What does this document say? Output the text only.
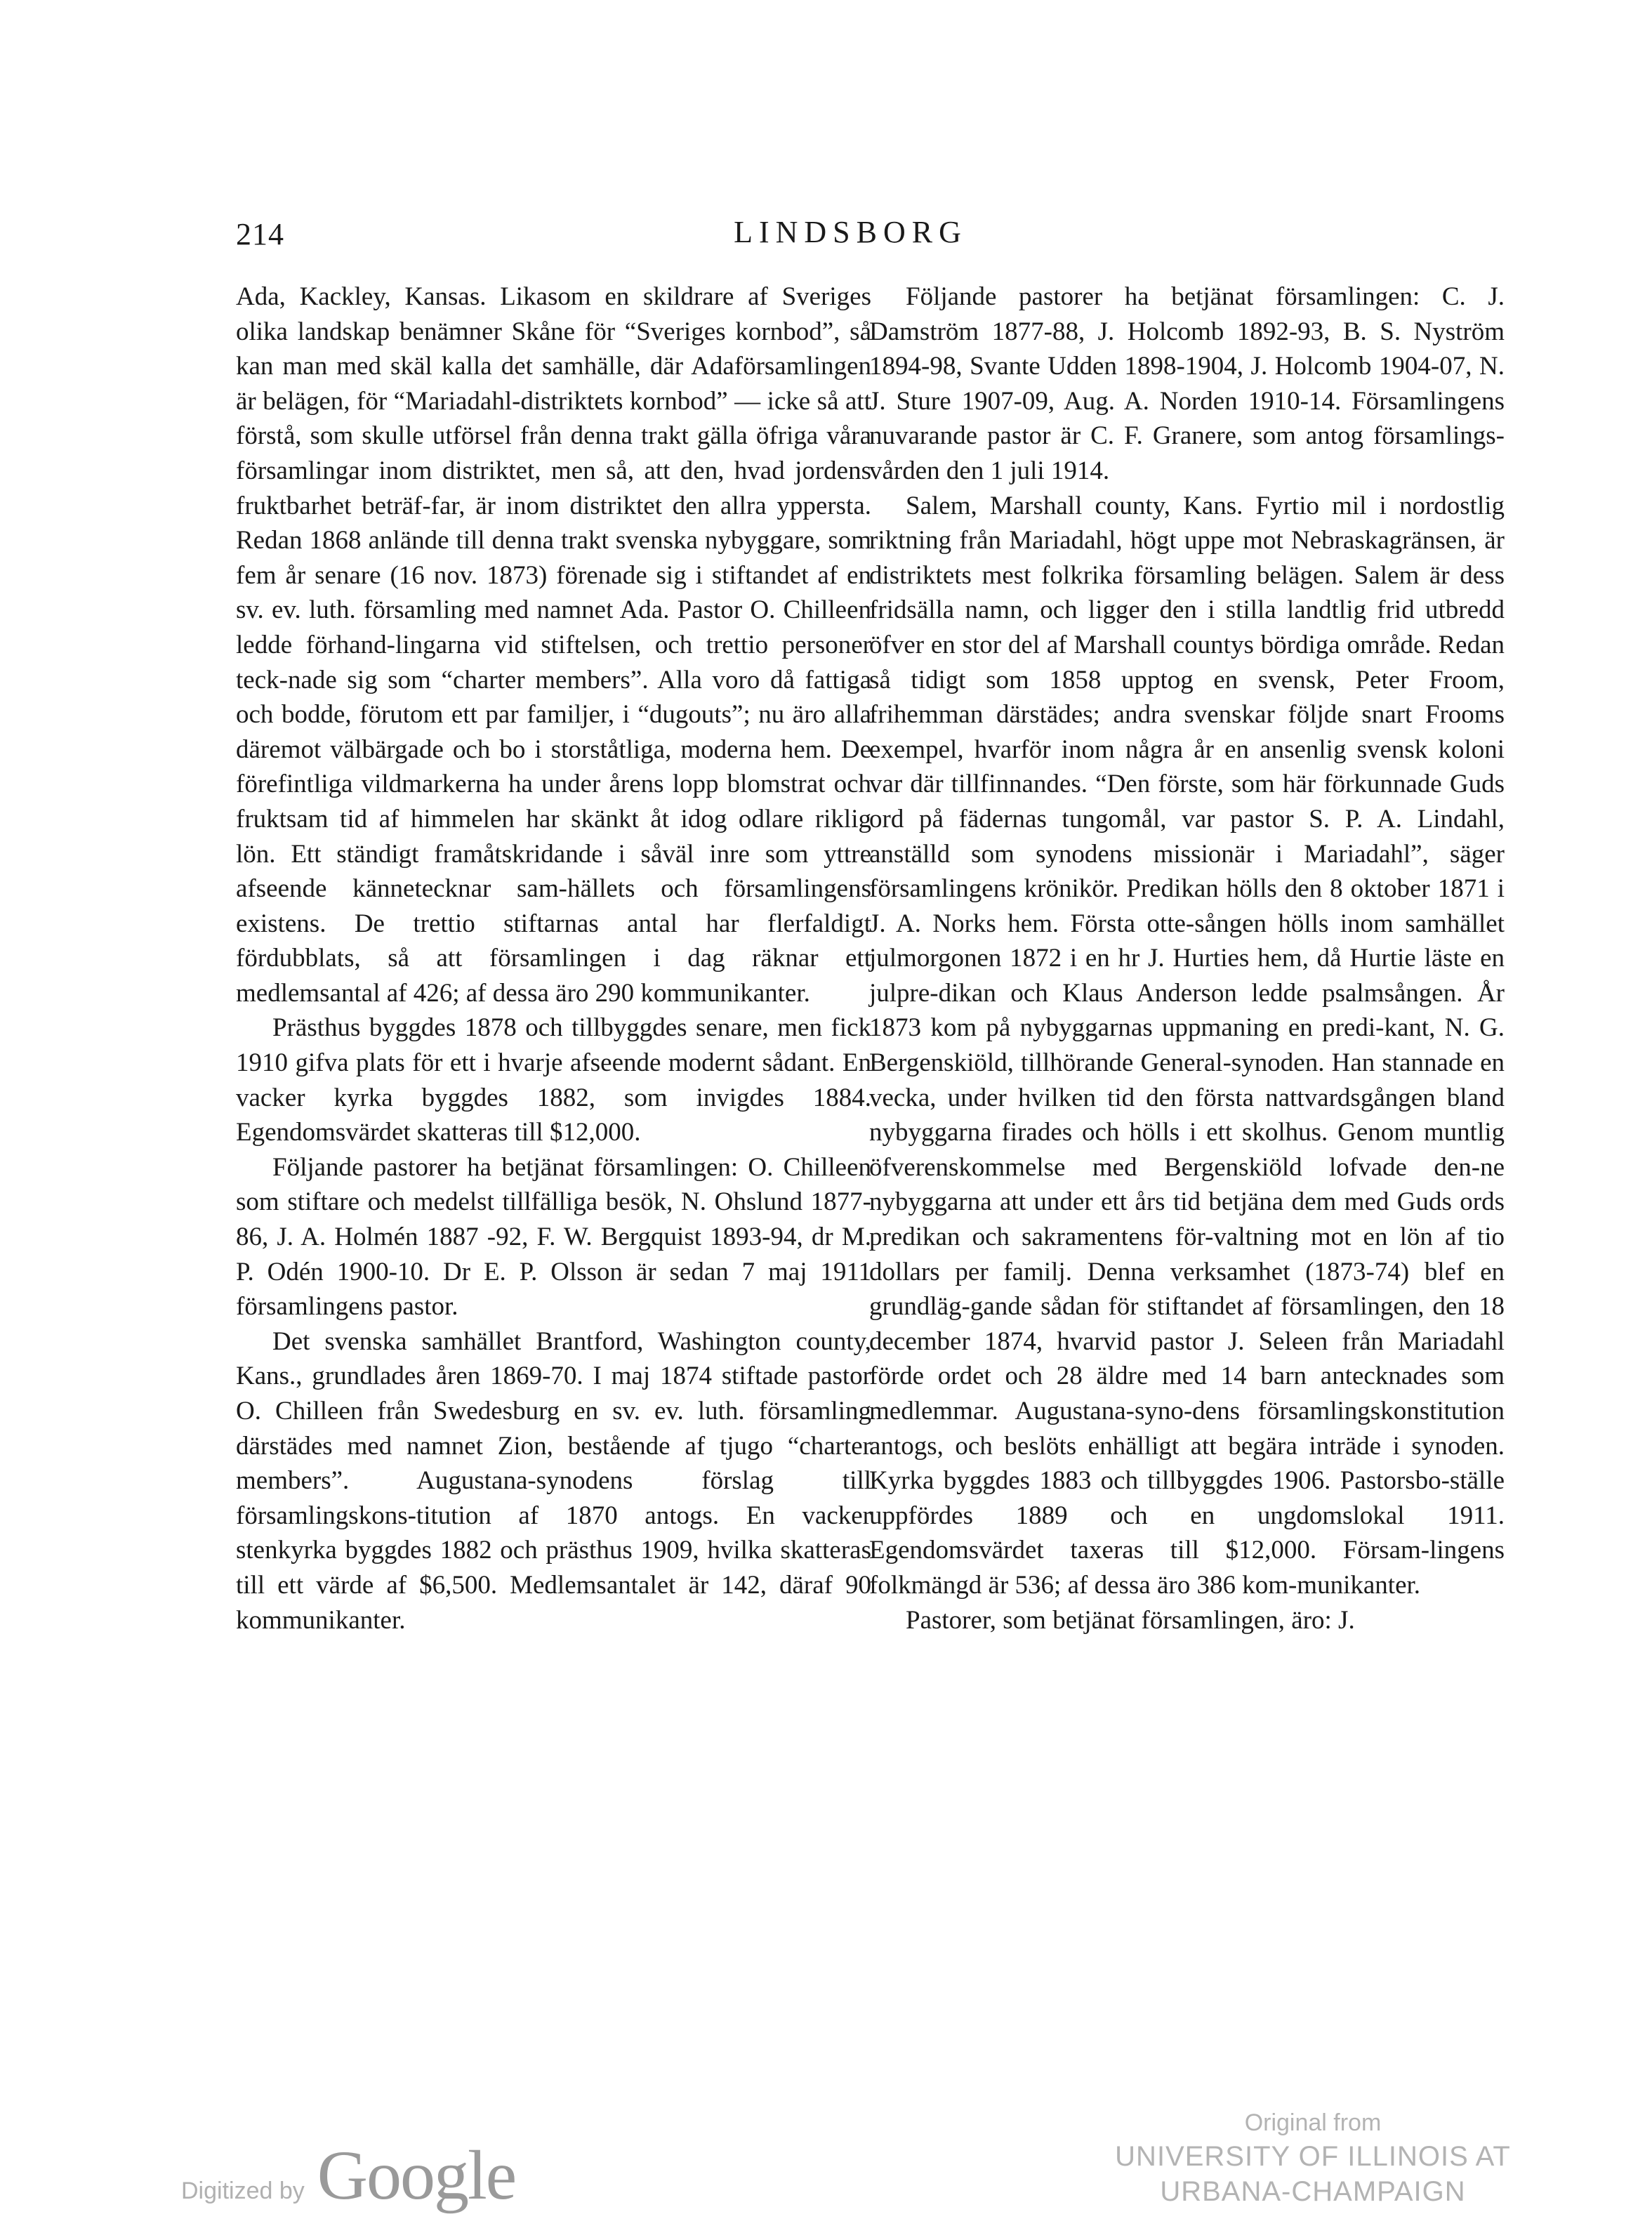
214	LINDSBORG

Ada, Kackley, Kansas. Likasom en skildrare af Sveriges olika landskap benämner Skåne för “Sveriges kornbod”, så kan man med skäl kalla det samhälle, där Adaförsamlingen är belägen, för “Mariadahl-distriktets kornbod” — icke så att förstå, som skulle utförsel från denna trakt gälla öfriga våra församlingar inom distriktet, men så, att den, hvad jordens fruktbarhet beträf-far, är inom distriktet den allra yppersta. Redan 1868 anlände till denna trakt svenska nybyggare, som fem år senare (16 nov. 1873) förenade sig i stiftandet af en sv. ev. luth. församling med namnet Ada. Pastor O. Chilleen ledde förhand-lingarna vid stiftelsen, och trettio personer teck-nade sig som “charter members”. Alla voro då fattiga och bodde, förutom ett par familjer, i “dugouts”; nu äro alla däremot välbärgade och bo i storståtliga, moderna hem. De förefintliga vildmarkerna ha under årens lopp blomstrat och fruktsam tid af himmelen har skänkt åt idog odlare riklig lön. Ett ständigt framåtskridande i såväl inre som yttre afseende kännetecknar sam-hällets och församlingens existens. De trettio stiftarnas antal har flerfaldigt fördubblats, så att församlingen i dag räknar ett medlemsantal af 426; af dessa äro 290 kommunikanter.

Prästhus byggdes 1878 och tillbyggdes senare, men fick 1910 gifva plats för ett i hvarje afseende modernt sådant. En vacker kyrka byggdes 1882, som invigdes 1884. Egendomsvärdet skatteras till $12,000.

Följande pastorer ha betjänat församlingen: O. Chilleen som stiftare och medelst tillfälliga besök, N. Ohslund 1877-86, J. A. Holmén 1887 -92, F. W. Bergquist 1893-94, dr M. P. Odén 1900-10. Dr E. P. Olsson är sedan 7 maj 1911 församlingens pastor.

Det svenska samhället Brantford, Washington county, Kans., grundlades åren 1869-70. I maj 1874 stiftade pastor O. Chilleen från Swedesburg en sv. ev. luth. församling därstädes med namnet Zion, bestående af tjugo “charter members”. Augustana-synodens förslag till församlingskons-titution af 1870 antogs. En vacker stenkyrka byggdes 1882 och prästhus 1909, hvilka skatteras till ett värde af $6,500. Medlemsantalet är 142, däraf 90 kommunikanter.

Följande pastorer ha betjänat församlingen: C. J. Damström 1877-88, J. Holcomb 1892-93, B. S. Nyström 1894-98, Svante Udden 1898-1904, J. Holcomb 1904-07, N. J. Sture 1907-09, Aug. A. Norden 1910-14. Församlingens nuvarande pastor är C. F. Granere, som antog församlings-vården den 1 juli 1914.

Salem, Marshall county, Kans. Fyrtio mil i nordostlig riktning från Mariadahl, högt uppe mot Nebraskagränsen, är distriktets mest folkrika församling belägen. Salem är dess fridsälla namn, och ligger den i stilla landtlig frid utbredd öfver en stor del af Marshall countys bördiga område. Redan så tidigt som 1858 upptog en svensk, Peter Froom, frihemman därstädes; andra svenskar följde snart Frooms exempel, hvarför inom några år en ansenlig svensk koloni var där tillfinnandes. “Den förste, som här förkunnade Guds ord på fädernas tungomål, var pastor S. P. A. Lindahl, anställd som synodens missionär i Mariadahl”, säger församlingens krönikör. Predikan hölls den 8 oktober 1871 i J. A. Norks hem. Första otte-sången hölls inom samhället julmorgonen 1872 i en hr J. Hurties hem, då Hurtie läste en julpre-dikan och Klaus Anderson ledde psalmsången. År 1873 kom på nybyggarnas uppmaning en predi-kant, N. G. Bergenskiöld, tillhörande General-synoden. Han stannade en vecka, under hvilken tid den första nattvardsgången bland nybyggarna firades och hölls i ett skolhus. Genom muntlig öfverenskommelse med Bergenskiöld lofvade den-ne nybyggarna att under ett års tid betjäna dem med Guds ords predikan och sakramentens för-valtning mot en lön af tio dollars per familj. Denna verksamhet (1873-74) blef en grundläg-gande sådan för stiftandet af församlingen, den 18 december 1874, hvarvid pastor J. Seleen från Mariadahl förde ordet och 28 äldre med 14 barn antecknades som medlemmar. Augustana-syno-dens församlingskonstitution antogs, och beslöts enhälligt att begära inträde i synoden. Kyrka byggdes 1883 och tillbyggdes 1906. Pastorsbo-ställe uppfördes 1889 och en ungdomslokal 1911. Egendomsvärdet taxeras till $12,000. Försam-lingens folkmängd är 536; af dessa äro 386 kom-munikanter.

Pastorer, som betjänat församlingen, äro: J.

Digitized by Google
Original from
UNIVERSITY OF ILLINOIS AT
URBANA-CHAMPAIGN
